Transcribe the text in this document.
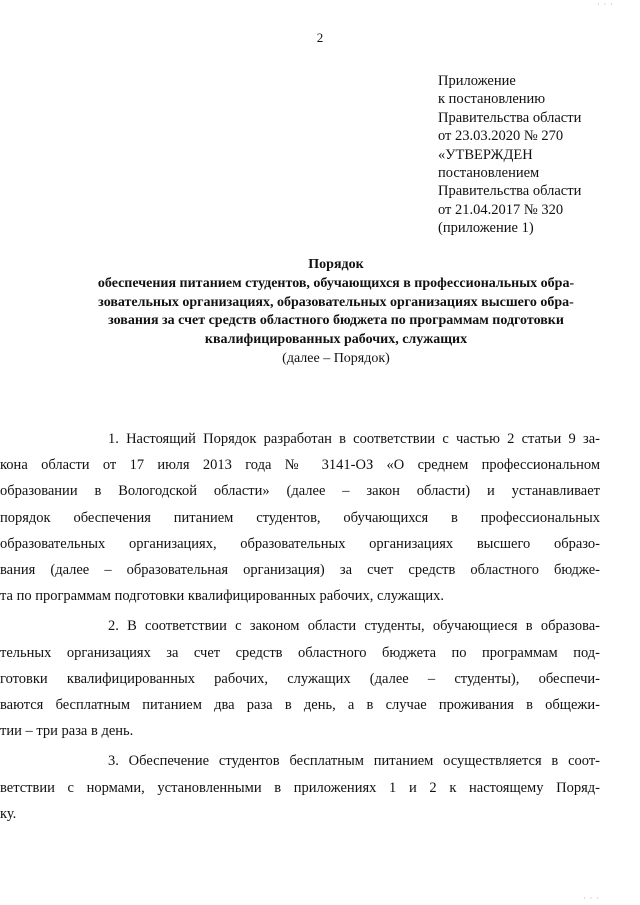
· · ·
2
Приложение
к постановлению
Правительства области
от 23.03.2020 № 270
«УТВЕРЖДЕН
постановлением
Правительства области
от 21.04.2017 № 320
(приложение 1)
Порядок
обеспечения питанием студентов, обучающихся в профессиональных обра-
зовательных организациях, образовательных организациях высшего обра-
зования за счет средств областного бюджета по программам подготовки
квалифицированных рабочих, служащих
(далее – Порядок)
1. Настоящий Порядок разработан в соответствии с частью 2 статьи 9 за-
кона области от 17 июля 2013 года № 3141-ОЗ «О среднем профессиональном
образовании в Вологодской области» (далее – закон области) и устанавливает
порядок обеспечения питанием студентов, обучающихся в профессиональных
образовательных организациях, образовательных организациях высшего образо-
вания (далее – образовательная организация) за счет средств областного бюдже-
та по программам подготовки квалифицированных рабочих, служащих.
2. В соответствии с законом области студенты, обучающиеся в образова-
тельных организациях за счет средств областного бюджета по программам под-
готовки квалифицированных рабочих, служащих (далее – студенты), обеспечи-
ваются бесплатным питанием два раза в день, а в случае проживания в общежи-
тии – три раза в день.
3. Обеспечение студентов бесплатным питанием осуществляется в соот-
ветствии с нормами, установленными в приложениях 1 и 2 к настоящему Поряд-
ку.
· · ·
